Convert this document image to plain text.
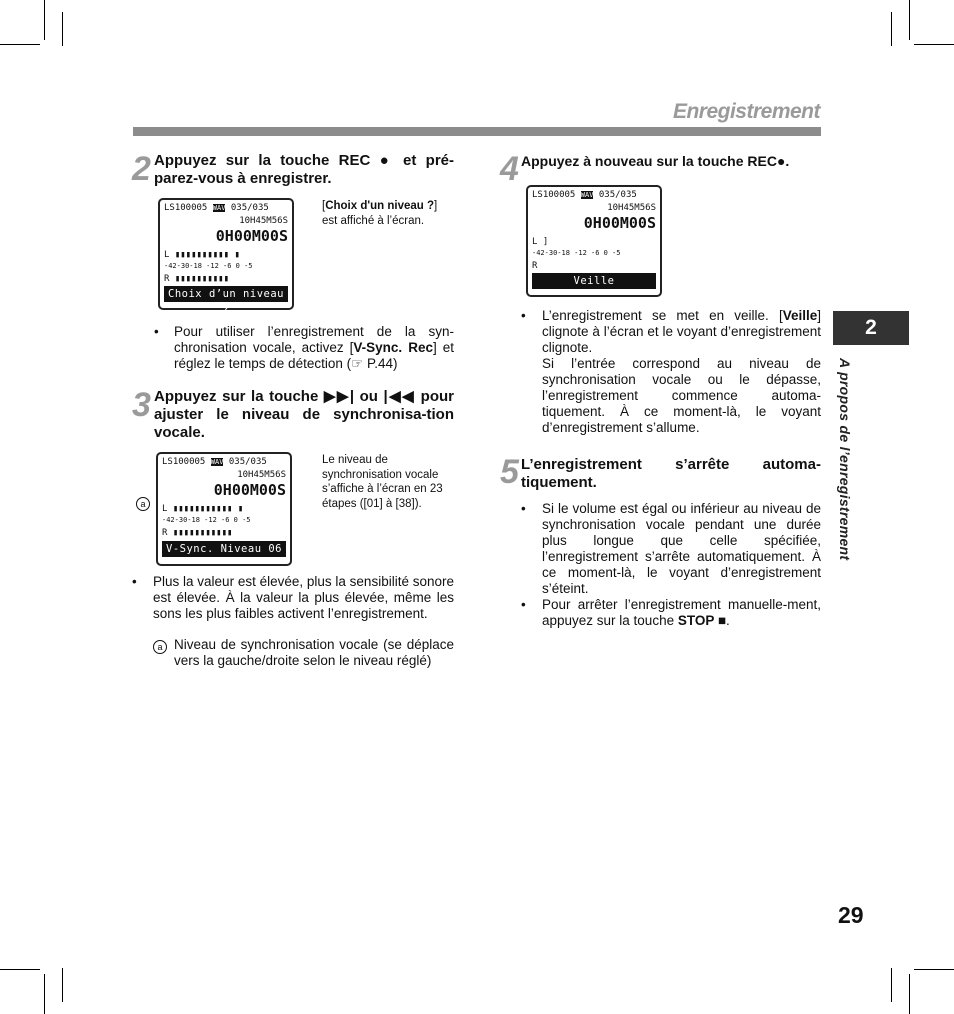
Enregistrement
2
A propos de l’enregistrement
2 Appuyez sur la touche REC ● et pré-parez-vous à enregistrer.
LS100005 WAV 035/035
10H45M56S
0H00M00S
L ▮▮▮▮▮▮▮▮▮▮ ▮
-42-30-18 -12 -6 0 -5
R ▮▮▮▮▮▮▮▮▮▮
Choix d’un niveau ?
[Choix d'un niveau ?] est affiché à l’écran.
• Pour utiliser l’enregistrement de la syn-chronisation vocale, activez [V-Sync. Rec] et réglez le temps de détection (☞ P.44)
3 Appuyez sur la touche ▶▶| ou |◀◀ pour ajuster le niveau de synchronisa-tion vocale.
a
LS100005 WAV 035/035
10H45M56S
0H00M00S
L ▮▮▮▮▮▮▮▮▮▮▮ ▮
-42-30-18 -12 -6 0 -5
R ▮▮▮▮▮▮▮▮▮▮▮
V-Sync. Niveau 06
Le niveau de synchronisation vocale s’affiche à l’écran en 23 étapes ([01] à [38]).
• Plus la valeur est élevée, plus la sensibilité sonore est élevée. À la valeur la plus élevée, même les sons les plus faibles activent l’enregistrement.
a Niveau de synchronisation vocale (se déplace vers la gauche/droite selon le niveau réglé)
4 Appuyez à nouveau sur la touche REC●.
LS100005 WAV 035/035
10H45M56S
0H00M00S
L ]
-42-30-18 -12 -6 0 -5
R
Veille
• L’enregistrement se met en veille. [Veille] clignote à l’écran et le voyant d’enregistrement clignote.
Si l’entrée correspond au niveau de synchronisation vocale ou le dépasse, l’enregistrement commence automa-tiquement. À ce moment-là, le voyant d’enregistrement s’allume.
5 L’enregistrement s’arrête automa-tiquement.
• Si le volume est égal ou inférieur au niveau de synchronisation vocale pendant une durée plus longue que celle spécifiée, l’enregistrement s’arrête automatiquement. À ce moment-là, le voyant d’enregistrement s’éteint.
• Pour arrêter l’enregistrement manuelle-ment, appuyez sur la touche STOP ■.
29
